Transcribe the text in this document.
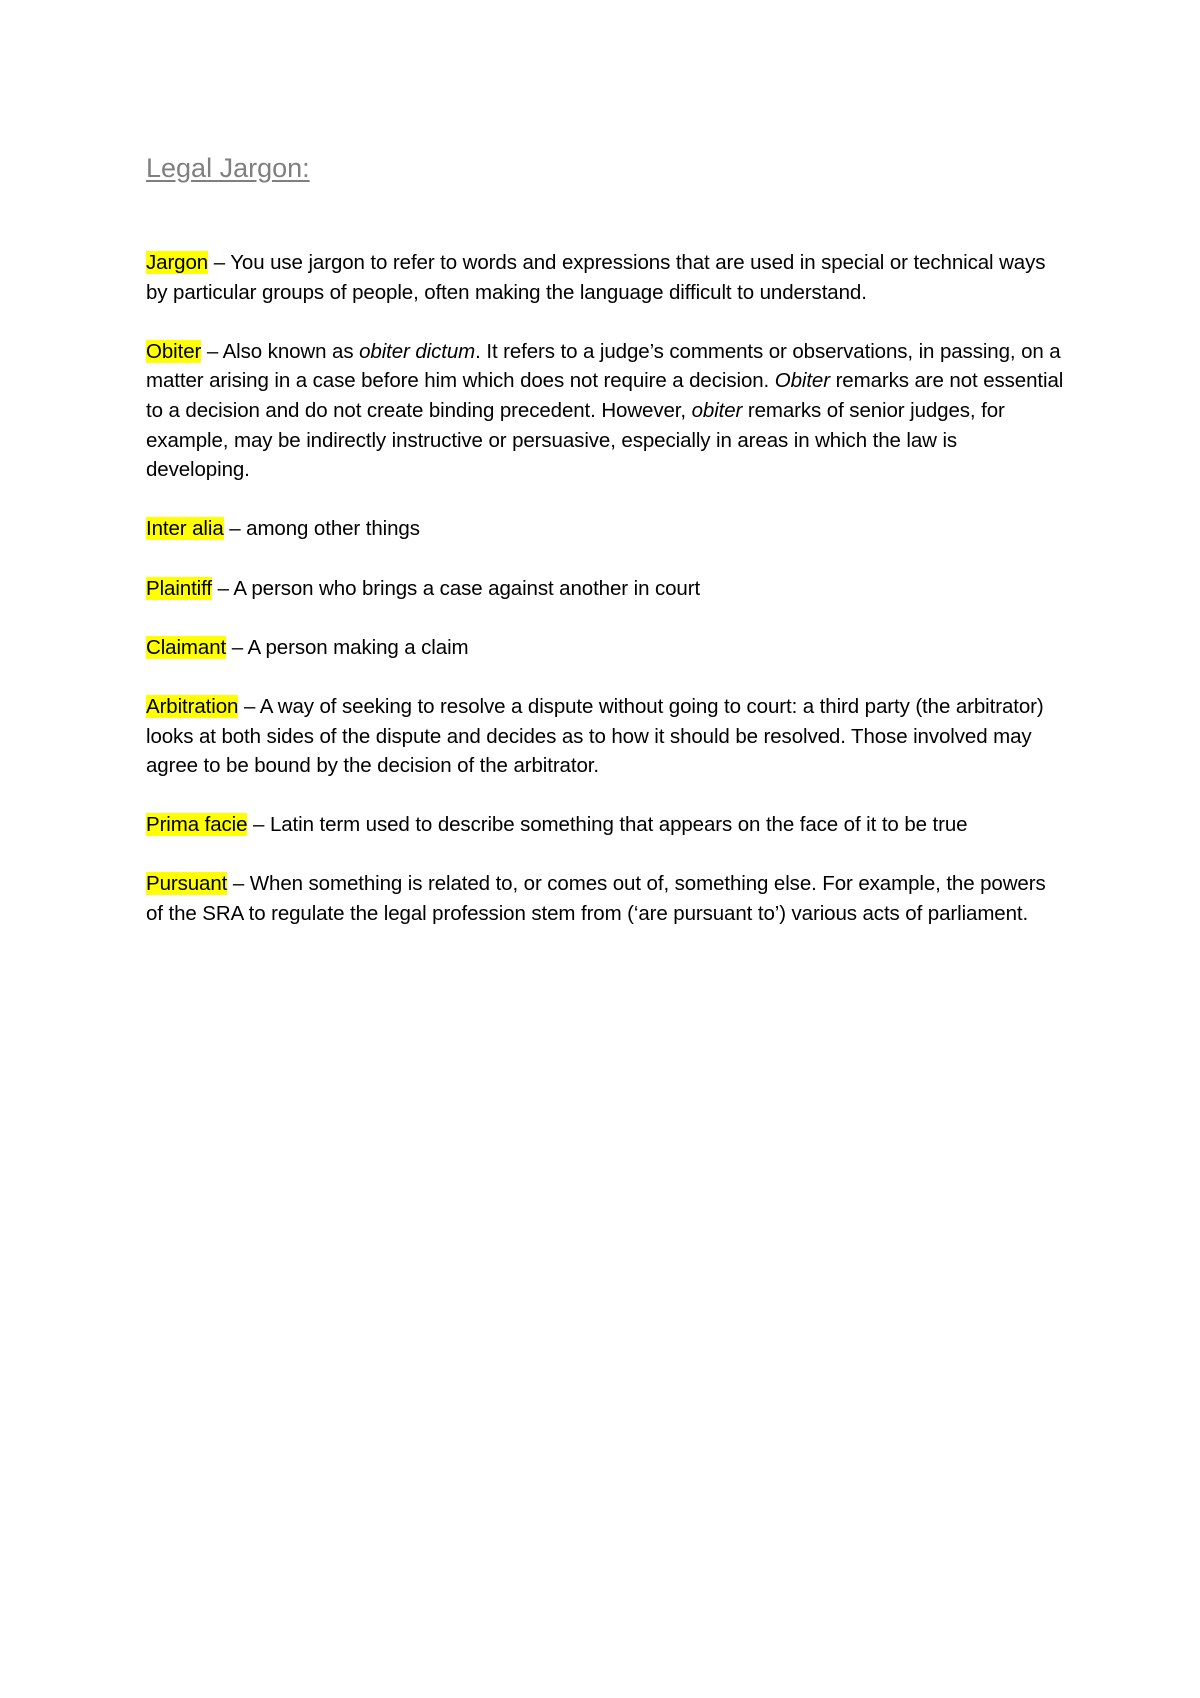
Legal Jargon:

Jargon – You use jargon to refer to words and expressions that are used in special or technical ways by particular groups of people, often making the language difficult to understand.

Obiter – Also known as obiter dictum. It refers to a judge’s comments or observations, in passing, on a matter arising in a case before him which does not require a decision. Obiter remarks are not essential to a decision and do not create binding precedent. However, obiter remarks of senior judges, for example, may be indirectly instructive or persuasive, especially in areas in which the law is developing.

Inter alia – among other things

Plaintiff – A person who brings a case against another in court

Claimant – A person making a claim

Arbitration – A way of seeking to resolve a dispute without going to court: a third party (the arbitrator) looks at both sides of the dispute and decides as to how it should be resolved. Those involved may agree to be bound by the decision of the arbitrator.

Prima facie – Latin term used to describe something that appears on the face of it to be true

Pursuant – When something is related to, or comes out of, something else. For example, the powers of the SRA to regulate the legal profession stem from (‘are pursuant to’) various acts of parliament.
